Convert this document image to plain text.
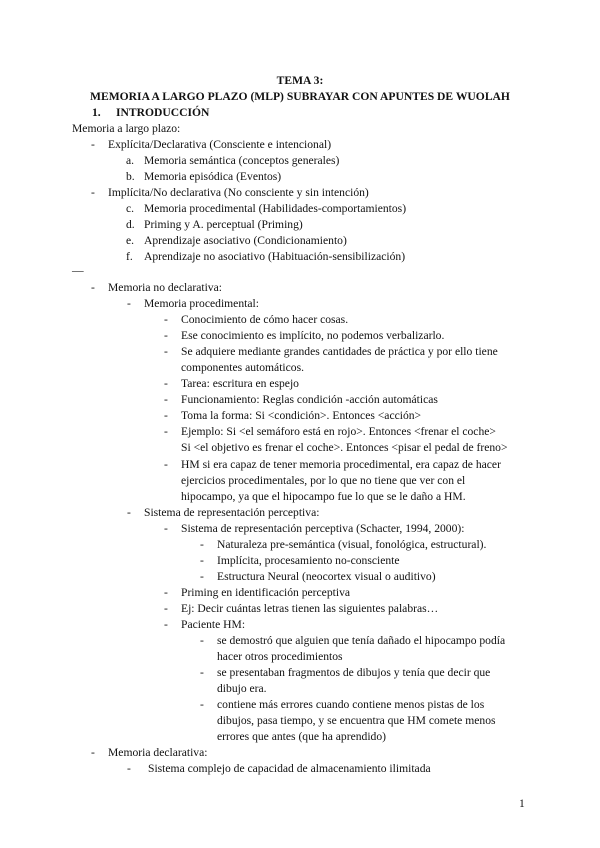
TEMA 3:
MEMORIA A LARGO PLAZO (MLP) SUBRAYAR CON APUNTES DE WUOLAH
1. INTRODUCCIÓN
Memoria a largo plazo:
- Explícita/Declarativa (Consciente e intencional)
a. Memoria semántica (conceptos generales)
b. Memoria episódica (Eventos)
- Implícita/No declarativa (No consciente y sin intención)
c. Memoria procedimental (Habilidades-comportamientos)
d. Priming y A. perceptual (Priming)
e. Aprendizaje asociativo (Condicionamiento)
f. Aprendizaje no asociativo (Habituación-sensibilización)
—
- Memoria no declarativa:
- Memoria procedimental:
- Conocimiento de cómo hacer cosas.
- Ese conocimiento es implícito, no podemos verbalizarlo.
- Se adquiere mediante grandes cantidades de práctica y por ello tiene
componentes automáticos.
- Tarea: escritura en espejo
- Funcionamiento: Reglas condición -acción automáticas
- Toma la forma: Si <condición>. Entonces <acción>
- Ejemplo: Si <el semáforo está en rojo>. Entonces <frenar el coche>
Si <el objetivo es frenar el coche>. Entonces <pisar el pedal de freno>
- HM si era capaz de tener memoria procedimental, era capaz de hacer
ejercicios procedimentales, por lo que no tiene que ver con el
hipocampo, ya que el hipocampo fue lo que se le daño a HM.
- Sistema de representación perceptiva:
- Sistema de representación perceptiva (Schacter, 1994, 2000):
- Naturaleza pre-semántica (visual, fonológica, estructural).
- Implícita, procesamiento no-consciente
- Estructura Neural (neocortex visual o auditivo)
- Priming en identificación perceptiva
- Ej: Decir cuántas letras tienen las siguientes palabras…
- Paciente HM:
- se demostró que alguien que tenía dañado el hipocampo podía
hacer otros procedimientos
- se presentaban fragmentos de dibujos y tenía que decir que
dibujo era.
- contiene más errores cuando contiene menos pistas de los
dibujos, pasa tiempo, y se encuentra que HM comete menos
errores que antes (que ha aprendido)
- Memoria declarativa:
- Sistema complejo de capacidad de almacenamiento ilimitada
1
